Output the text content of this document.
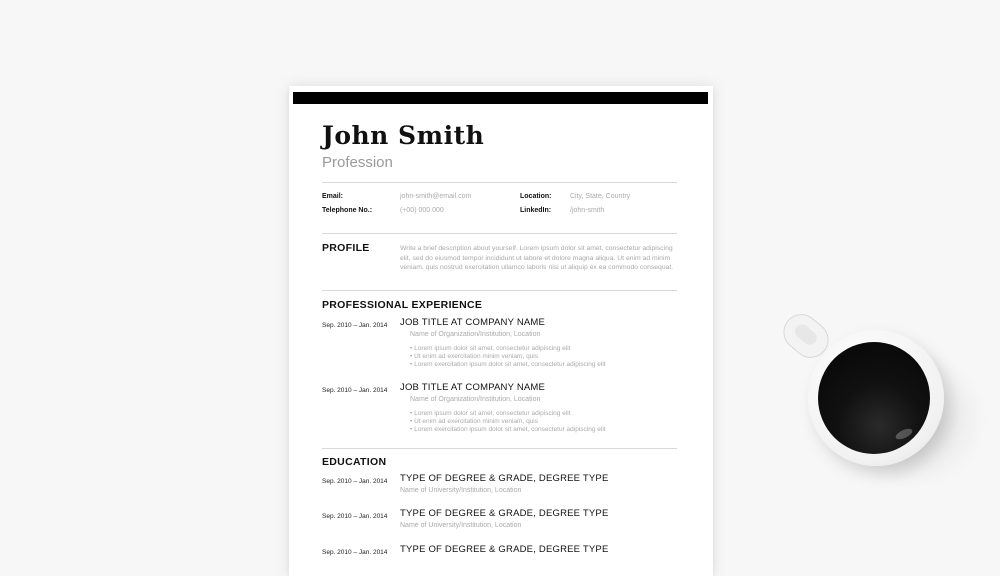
John Smith
Profession
Email:	john-smith@email.com	Location:	City, State, Country
Telephone No.:	(+00) 000 000	LinkedIn:	/john-smith
PROFILE	Write a brief description about yourself. Lorem ipsum dolor sit amet, consectetur adipiscing elit, sed do eiusmod tempor incididunt ut labore et dolore magna aliqua. Ut enim ad minim veniam, quis nostrud exercitation ullamco laboris nisi ut aliquip ex ea commodo consequat.
PROFESSIONAL EXPERIENCE
Sep. 2010 – Jan. 2014 JOB TITLE AT COMPANY NAME
Name of Organization/Institution, Location
• Lorem ipsum dolor sit amet, consectetur adipiscing elit
• Ut enim ad exercitation minim veniam, quis
• Lorem exercitation ipsum dolor sit amet, consectetur adipiscing elit
Sep. 2010 – Jan. 2014 JOB TITLE AT COMPANY NAME
Name of Organization/Institution, Location
• Lorem ipsum dolor sit amet, consectetur adipiscing elit
• Ut enim ad exercitation minim veniam, quis
• Lorem exercitation ipsum dolor sit amet, consectetur adipiscing elit
EDUCATION
Sep. 2010 – Jan. 2014 TYPE OF DEGREE & GRADE, DEGREE TYPE
Name of University/Institution, Location
Sep. 2010 – Jan. 2014 TYPE OF DEGREE & GRADE, DEGREE TYPE
Name of University/Institution, Location
Sep. 2010 – Jan. 2014 TYPE OF DEGREE & GRADE, DEGREE TYPE
